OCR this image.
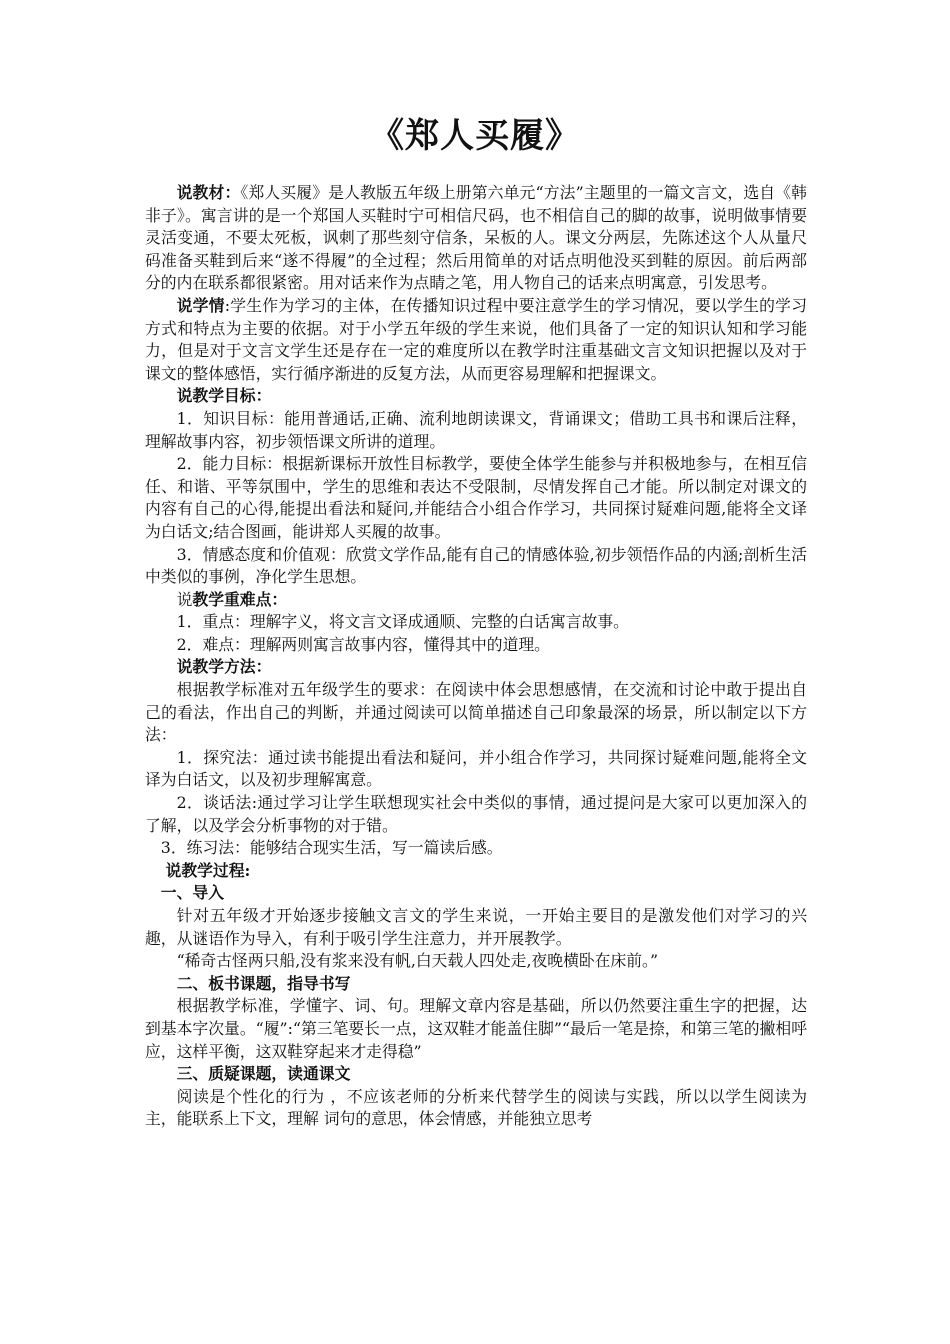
《郑人买履》

说教材：《郑人买履》是人教版五年级上册第六单元“方法”主题里的一篇文言文，选自《韩非子》。寓言讲的是一个郑国人买鞋时宁可相信尺码，也不相信自己的脚的故事，说明做事情要灵活变通，不要太死板，讽刺了那些刻守信条，呆板的人。课文分两层，先陈述这个人从量尺码准备买鞋到后来“遂不得履”的全过程；然后用简单的对话点明他没买到鞋的原因。前后两部分的内在联系都很紧密。用对话来作为点睛之笔，用人物自己的话来点明寓意，引发思考。

说学情:学生作为学习的主体，在传播知识过程中要注意学生的学习情况，要以学生的学习方式和特点为主要的依据。对于小学五年级的学生来说，他们具备了一定的知识认知和学习能力，但是对于文言文学生还是存在一定的难度所以在教学时注重基础文言文知识把握以及对于课文的整体感悟，实行循序渐进的反复方法，从而更容易理解和把握课文。

说教学目标：

1．知识目标：能用普通话,正确、流利地朗读课文，背诵课文；借助工具书和课后注释，理解故事内容，初步领悟课文所讲的道理。

2．能力目标：根据新课标开放性目标教学，要使全体学生能参与并积极地参与，在相互信任、和谐、平等氛围中，学生的思维和表达不受限制，尽情发挥自己才能。所以制定对课文的内容有自己的心得,能提出看法和疑问,并能结合小组合作学习，共同探讨疑难问题,能将全文译为白话文;结合图画，能讲郑人买履的故事。

3．情感态度和价值观：欣赏文学作品,能有自己的情感体验,初步领悟作品的内涵;剖析生活中类似的事例，净化学生思想。

说教学重难点：

1．重点：理解字义，将文言文译成通顺、完整的白话寓言故事。

2．难点：理解两则寓言故事内容，懂得其中的道理。

说教学方法：

根据教学标准对五年级学生的要求：在阅读中体会思想感情，在交流和讨论中敢于提出自己的看法，作出自己的判断，并通过阅读可以简单描述自己印象最深的场景，所以制定以下方法：

1．探究法：通过读书能提出看法和疑问，并小组合作学习，共同探讨疑难问题,能将全文译为白话文，以及初步理解寓意。

2．谈话法:通过学习让学生联想现实社会中类似的事情，通过提问是大家可以更加深入的了解，以及学会分析事物的对于错。

3．练习法：能够结合现实生活，写一篇读后感。

说教学过程:

一、导入

针对五年级才开始逐步接触文言文的学生来说，一开始主要目的是激发他们对学习的兴趣，从谜语作为导入，有利于吸引学生注意力，并开展教学。

“稀奇古怪两只船,没有浆来没有帆,白天载人四处走,夜晚横卧在床前。”

二、板书课题，指导书写

根据教学标准，学懂字、词、句。理解文章内容是基础，所以仍然要注重生字的把握，达到基本字次量。“履”:“第三笔要长一点，这双鞋才能盖住脚”“最后一笔是捺，和第三笔的撇相呼应，这样平衡，这双鞋穿起来才走得稳”

三、质疑课题，读通课文

阅读是个性化的行为 ，不应该老师的分析来代替学生的阅读与实践，所以以学生阅读为主，能联系上下文，理解 词句的意思，体会情感，并能独立思考
